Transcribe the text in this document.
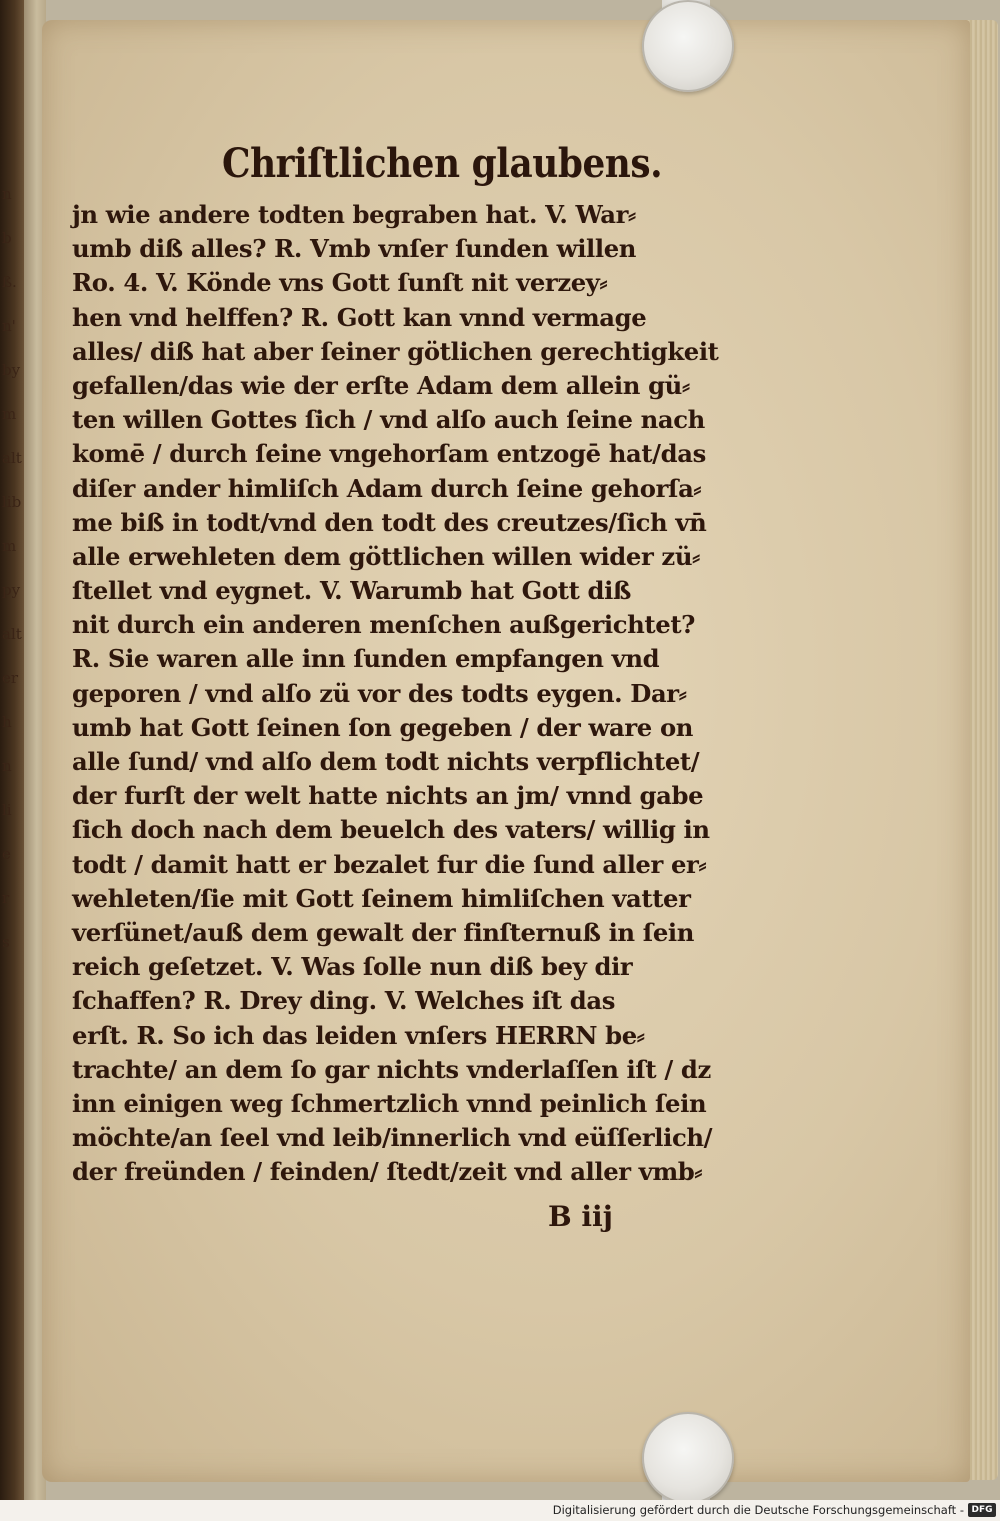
n
b
ß.
n'
by
m
alt
lib
m
py
alt
er
h
n
li
e
r
s
Chriſtlichen glaubens.
jn wie andere todten begraben hat. V. War⸗
umb diß alles? R. Vmb vnſer ſunden willen
Ro. 4. V. Könde vns Gott ſunſt nit verzey⸗
hen vnd helffen? R. Gott kan vnnd vermage
alles/ diß hat aber ſeiner götlichen gerechtigkeit
gefallen/das wie der erſte Adam dem allein gü⸗
ten willen Gottes ſich / vnd alſo auch ſeine nach
komē / durch ſeine vngehorſam entzogē hat/das
diſer ander himliſch Adam durch ſeine gehorſa⸗
me biß in todt/vnd den todt des creutzes/ſich vn̄
alle erwehleten dem göttlichen willen wider zü⸗
ſtellet vnd eygnet. V. Warumb hat Gott diß
nit durch ein anderen menſchen außgerichtet?
R. Sie waren alle inn ſunden empfangen vnd
geporen / vnd alſo zü vor des todts eygen. Dar⸗
umb hat Gott ſeinen ſon gegeben / der ware on
alle ſund/ vnd alſo dem todt nichts verpflichtet/
der furſt der welt hatte nichts an jm/ vnnd gabe
ſich doch nach dem beuelch des vaters/ willig in
todt / damit hatt er bezalet fur die ſund aller er⸗
wehleten/ſie mit Gott ſeinem himliſchen vatter
verſünet/auß dem gewalt der finſternuß in ſein
reich geſetzet. V. Was ſolle nun diß bey dir
ſchaffen? R. Drey ding. V. Welches iſt das
erſt. R. So ich das leiden vnſers HERRN be⸗
trachte/ an dem ſo gar nichts vnderlaſſen iſt / dz
inn einigen weg ſchmertzlich vnnd peinlich ſein
möchte/an ſeel vnd leib/innerlich vnd eüſſerlich/
der freünden / feinden/ ſtedt/zeit vnd aller vmb⸗
B iij
Digitalisierung gefördert durch die Deutsche Forschungsgemeinschaft - DFG
